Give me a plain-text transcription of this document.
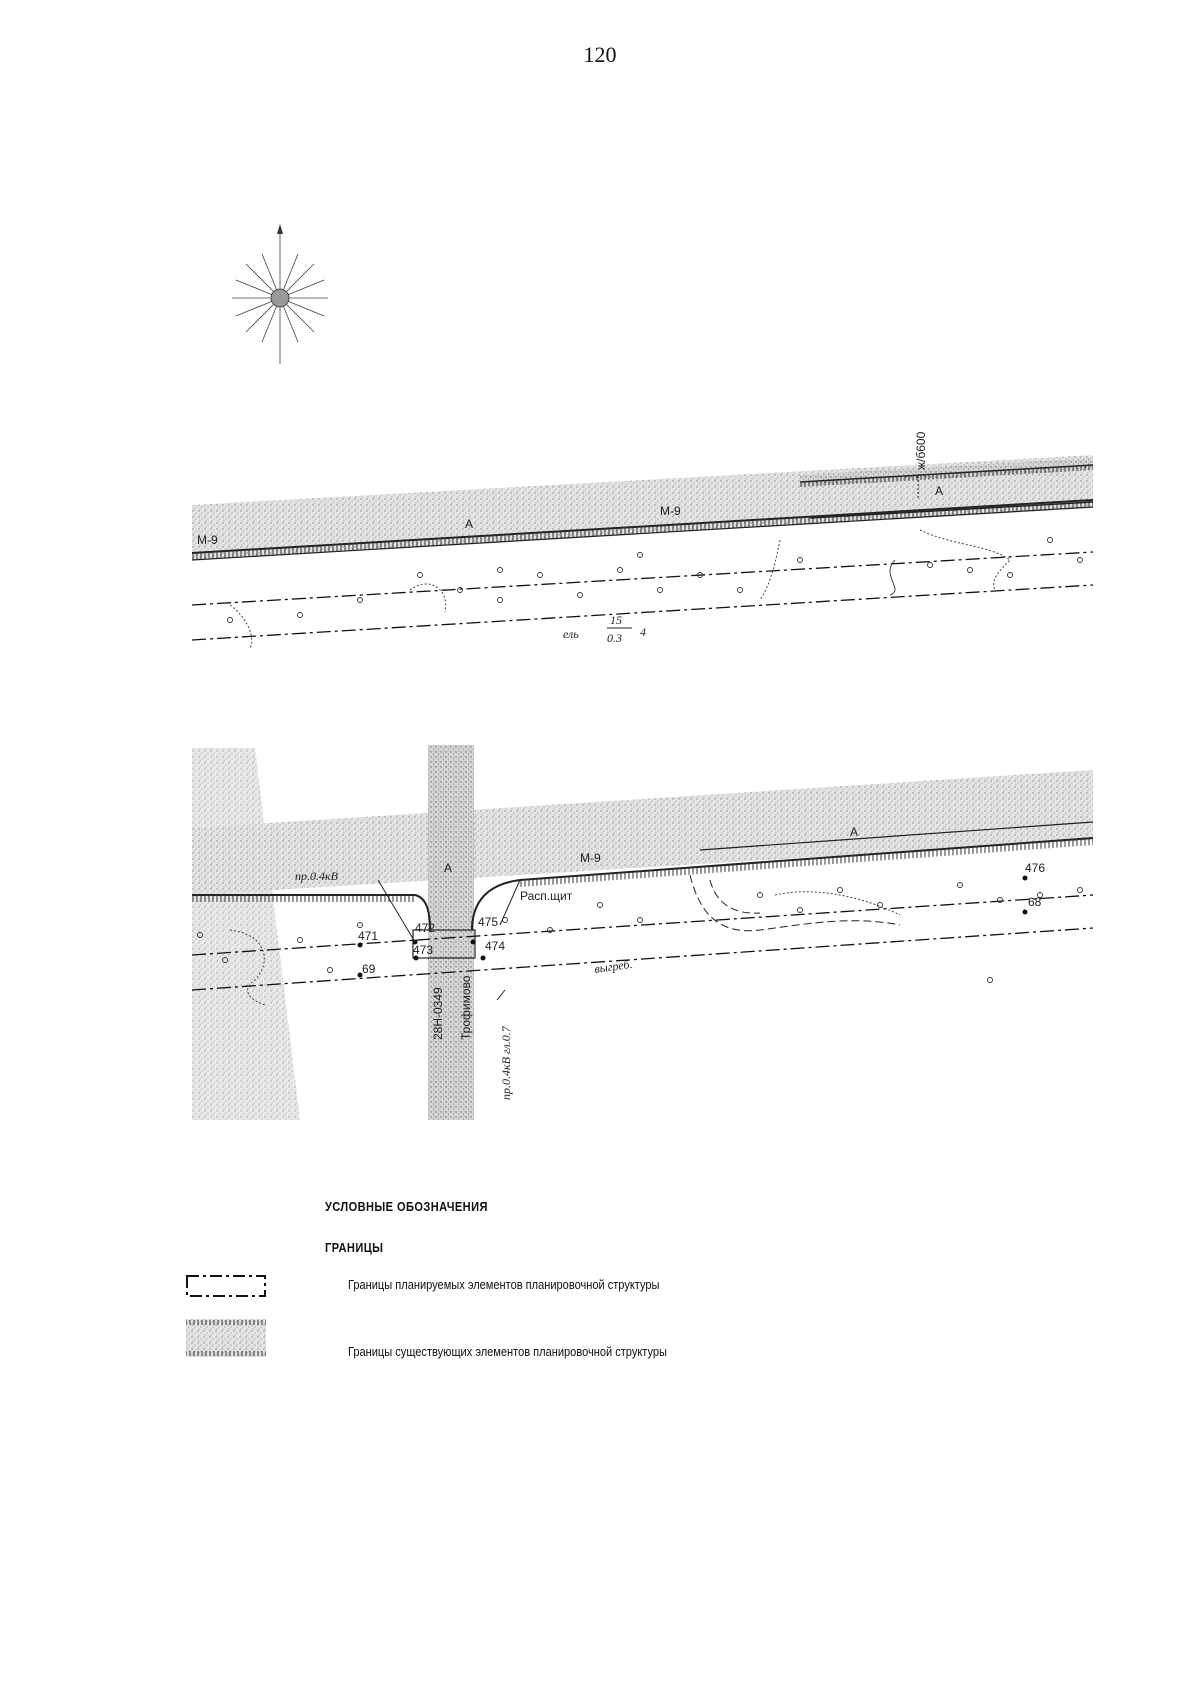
120
M-9
M-9
A
A
ж/б600
ель
15
0.3 4
пр.0.4кВ
M-9
A
A
Расп.щит
выгреб.
28Н-0349 Трофимово
пр.0.4кВ гл.0.7
471
472
473	474
475
476
68
69
УСЛОВНЫЕ ОБОЗНАЧЕНИЯ
ГРАНИЦЫ
Границы планируемых элементов планировочной структуры
Границы существующих элементов планировочной структуры
